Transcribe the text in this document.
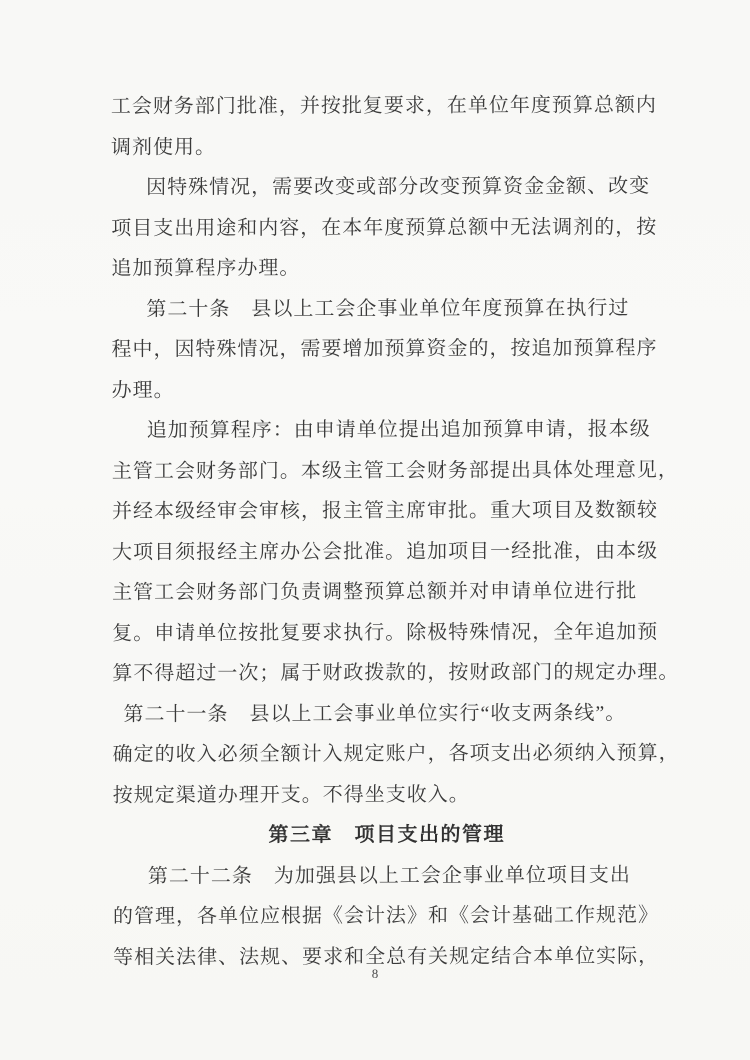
工会财务部门批准，并按批复要求，在单位年度预算总额内
调剂使用。
因特殊情况，需要改变或部分改变预算资金金额、改变
项目支出用途和内容，在本年度预算总额中无法调剂的，按
追加预算程序办理。
第二十条　县以上工会企事业单位年度预算在执行过
程中，因特殊情况，需要增加预算资金的，按追加预算程序
办理。
追加预算程序：由申请单位提出追加预算申请，报本级
主管工会财务部门。本级主管工会财务部提出具体处理意见，
并经本级经审会审核，报主管主席审批。重大项目及数额较
大项目须报经主席办公会批准。追加项目一经批准，由本级
主管工会财务部门负责调整预算总额并对申请单位进行批
复。申请单位按批复要求执行。除极特殊情况，全年追加预
算不得超过一次；属于财政拨款的，按财政部门的规定办理。
第二十一条　县以上工会事业单位实行“收支两条线”。
确定的收入必须全额计入规定账户，各项支出必须纳入预算，
按规定渠道办理开支。不得坐支收入。
第三章　项目支出的管理
第二十二条　为加强县以上工会企事业单位项目支出
的管理，各单位应根据《会计法》和《会计基础工作规范》
等相关法律、法规、要求和全总有关规定结合本单位实际，
8
